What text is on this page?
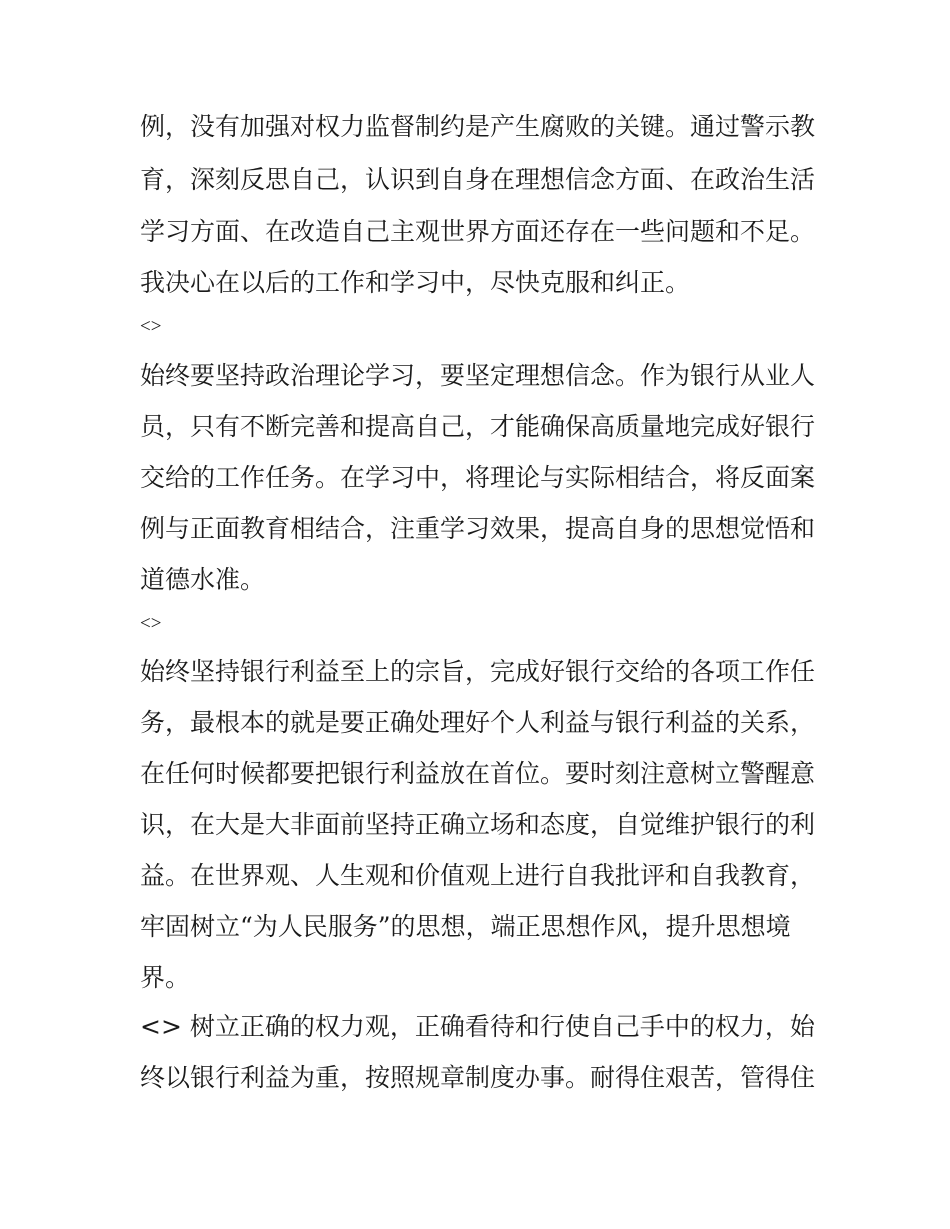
例，没有加强对权力监督制约是产生腐败的关键。通过警示教
育，深刻反思自己，认识到自身在理想信念方面、在政治生活
学习方面、在改造自己主观世界方面还存在一些问题和不足。
我决心在以后的工作和学习中，尽快克服和纠正。
<>
始终要坚持政治理论学习，要坚定理想信念。作为银行从业人
员，只有不断完善和提高自己，才能确保高质量地完成好银行
交给的工作任务。在学习中，将理论与实际相结合，将反面案
例与正面教育相结合，注重学习效果，提高自身的思想觉悟和
道德水准。
<>
始终坚持银行利益至上的宗旨，完成好银行交给的各项工作任
务，最根本的就是要正确处理好个人利益与银行利益的关系，
在任何时候都要把银行利益放在首位。要时刻注意树立警醒意
识，在大是大非面前坚持正确立场和态度，自觉维护银行的利
益。在世界观、人生观和价值观上进行自我批评和自我教育，
牢固树立“为人民服务”的思想，端正思想作风，提升思想境
界。
<> 树立正确的权力观，正确看待和行使自己手中的权力，始
终以银行利益为重，按照规章制度办事。耐得住艰苦，管得住
